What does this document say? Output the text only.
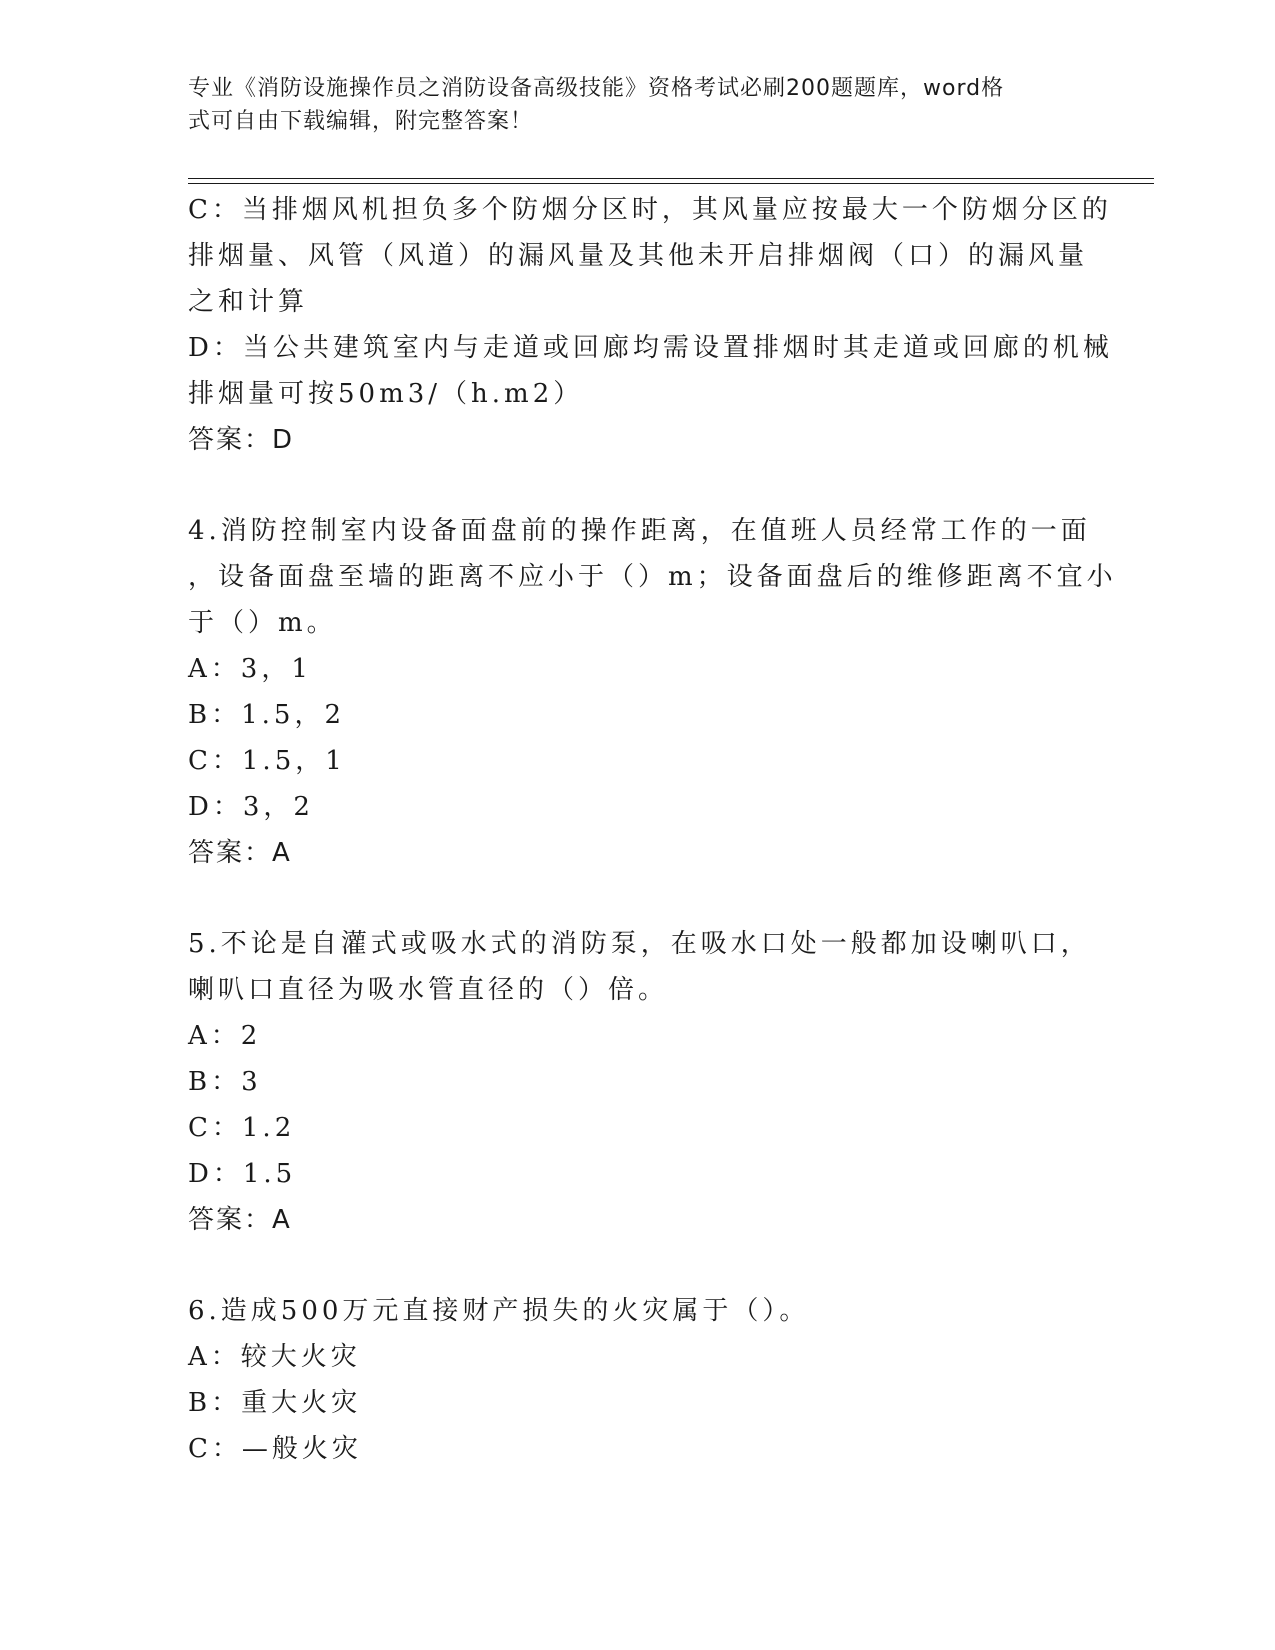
专业《消防设施操作员之消防设备高级技能》资格考试必刷200题题库，word格
式可自由下载编辑，附完整答案！
C：当排烟风机担负多个防烟分区时，其风量应按最大一个防烟分区的
排烟量、风管（风道）的漏风量及其他未开启排烟阀（口）的漏风量
之和计算
D：当公共建筑室内与走道或回廊均需设置排烟时其走道或回廊的机械
排烟量可按50m3/（h.m2）
答案：D
4.消防控制室内设备面盘前的操作距离，在值班人员经常工作的一面
，设备面盘至墙的距离不应小于（）m；设备面盘后的维修距离不宜小
于（）m。
A：3，1
B：1.5，2
C：1.5，1
D：3，2
答案：A
5.不论是自灌式或吸水式的消防泵，在吸水口处一般都加设喇叭口，
喇叭口直径为吸水管直径的（）倍。
A：2
B：3
C：1.2
D：1.5
答案：A
6.造成500万元直接财产损失的火灾属于（）。
A：较大火灾
B：重大火灾
C：—般火灾
